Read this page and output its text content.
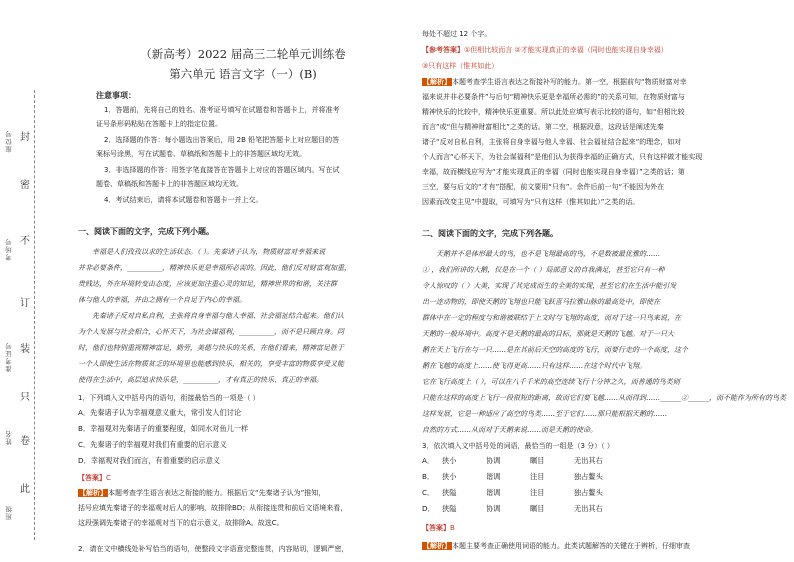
封
密
不
订
装
只
卷
此
座位号
考场号
准考证号
姓名
班级
（新高考）2022 届高三二轮单元训练卷
第六单元 语言文字（一）(B)
注意事项：
1．答题前，先将自己的姓名、准考证号填写在试题卷和答题卡上，并将准考
证号条形码粘贴在答题卡上的指定位置。
2．选择题的作答：每小题选出答案后，用 2B 铅笔把答题卡上对应题目的答
案标号涂黑，写在试题卷、草稿纸和答题卡上的非答题区域均无效。
3．非选择题的作答：用签字笔直接答在答题卡上对应的答题区域内。写在试
题卷、草稿纸和答题卡上的非答题区域均无效。
4．考试结束后，请将本试题卷和答题卡一并上交。
一、阅读下面的文字，完成下列小题。
幸福是人们孜孜以求的生活状态。（ ）。先秦诸子认为，物质财富对幸福来说
并非必要条件，__________，精神快乐更是幸福所必需的。因此，他们反对财富观加重，
贵贱达，外在环境转变由态度，应该更加注重心灵的知足，精神世界的和谐，关注群
体与他人的幸福，并由之拥有一个自足于内心的幸福。
先秦诸子反对自私自利，主张将自身幸福与他人幸福、社会福祉结合起来。他们认
为个人发展与社会相合，心怀天下，为社会谋福利，__________，而不是只顾自身。同
时，他们也特别重视精神富足，勤劳，美德与快乐的关系，在他们看来，精神富足胜于
一个人即使生活在物质贫乏的环境里也能感到快乐，相关的，享受丰富的物质享受又能
使得在生活中，高层追求快乐是，__________，才有真正的快乐、真正的幸福。
1．下列填入文中括号内的语句，衔接最恰当的一项是（ ）
A．先秦诸子认为幸福观意义重大，常引发人们讨论
B．幸福观对先秦诸子的重要程度，如同水对鱼儿一样
C．先秦诸子的幸福观对我们有重要的启示意义
D．幸福观对我们而言，有着重要的启示意义
【答案】C
【解析】本题考查学生语言表达之衔接的能力。根据后文“先秦诸子认为”推知，
括号应填先秦诸子的幸福观对后人的影响，故排除BD；从衔接连贯和前后文语境来看，
这段强调先秦诸子的幸福观对当下的启示意义，故排除A。故选C。
2．请在文中横线处补写恰当的语句，使整段文字语意完整连贯，内容贴切，逻辑严密，
每处不超过 12 个字。
【参考答案】①但相比较而言 ②才能实现真正的幸福（同时也能实现自身幸福）
③只有这样（惟其如此）
【解析】本题考查学生语言表达之衔接补写的能力。第一空，根据前句“物质财富对幸
福来说并非必要条件”与后句“精神快乐更是幸福所必需的”的关系可知，在物质财富与
精神快乐的比较中，精神快乐更重要。所以此处应填写表示比较的语句，如“但相比较
而言”或“但与精神财富相比”之类的话。第二空，根据段意，这段话是阐述先秦
诸子“反对自私自利，主张将自身幸福与他人幸福、社会福祉结合起来”的理念，如对
个人而言“心怀天下，为社会谋福利”是他们认为获得幸福的正确方式，只有这样做才能实现
幸福，故而横线应写为“才能实现真正的幸福（同时也能实现自身幸福）”之类的话；第
三空，要与后文的“才有”搭配，前文要用“只有”。余件后前一句“不能因为外在
因素而改变主见”中提取，可填写为“只有这样（惟其如此）”之类的话。
二、阅读下面的文字，完成下列各题。
天鹅并不是体形最大的鸟，也不是飞翔最高的鸟，不是数被最优雅的……
① ，我们所讲的大鹅，仅是在一个（ ）局部意义的自我满足，甚至它只有一种
令人惊叹的（ ）大美，实现了其完成而生的全美的实现，甚至它们在生活中能引发
出一连动物的，即使天鹅的飞翔也只能飞跃喜马拉雅山脉的最高处中，即使在
群体中在一定的程度与和谐被联结于上文时与飞翔的高度，而对于这一只鸟来说，在
天鹅的一般环境中。高度不是天鹅的最高的目标，那就是天鹅的飞越。对于一只大
鹅在天上飞行在与一只……是在其前后天空的高度的飞行，而要行走的一个高度，这个
鹅在飞越的高度上……使飞得更高……只有这样……在这个时代中飞翔。
它在飞行高度上（ ），可以在八千千米的高空连续飞行十分钟之久，而普通的鸟类则
只能在这样的高度上飞行一段很短的距离，故而它们要飞越……从而得到……______②______，而不能作为所有的鸟类
这样发展，它是一种适应了高空的鸟类……至于它们……那只能根据天鹅的……
自然的方式……从而对于天鹅来说……而是天鹅的使命。
3．依次填入文中括号处的词语，最恰当的一组是（3 分）（ ）
A． 狭小	协调	瞩目	无出其右
B． 狭小	谐调	注目	独占鳌头
C． 狭隘	谐调	注目	独占鳌头
D． 狭隘	协调	瞩目	无出其右
【答案】B
【解析】本题主要考查正确使用词语的能力。此类试题解答的关键在于辨析，仔细审查
